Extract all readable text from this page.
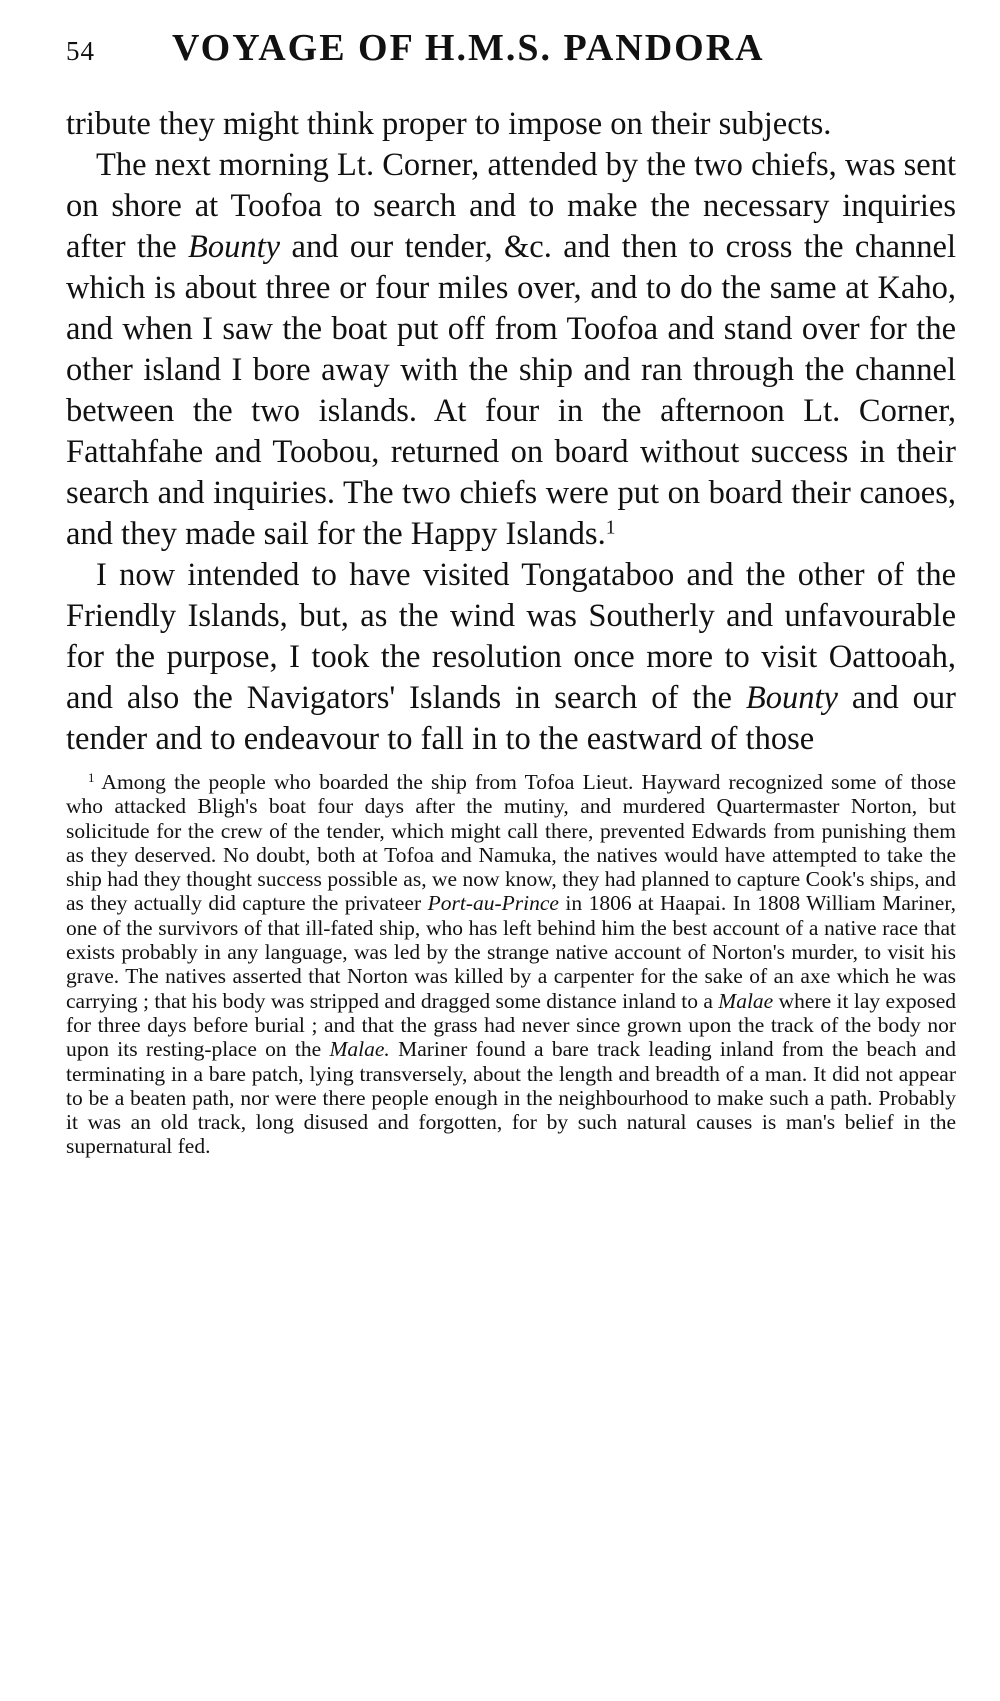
54	VOYAGE OF H.M.S. PANDORA

tribute they might think proper to impose on their subjects.

The next morning Lt. Corner, attended by the two chiefs, was sent on shore at Toofoa to search and to make the necessary inquiries after the Bounty and our tender, &c. and then to cross the channel which is about three or four miles over, and to do the same at Kaho, and when I saw the boat put off from Toofoa and stand over for the other island I bore away with the ship and ran through the channel between the two islands. At four in the afternoon Lt. Corner, Fattahfahe and Toobou, returned on board without success in their search and inquiries. The two chiefs were put on board their canoes, and they made sail for the Happy Islands.$^1$

I now intended to have visited Tongataboo and the other of the Friendly Islands, but, as the wind was Southerly and unfavourable for the purpose, I took the resolution once more to visit Oattooah, and also the Navigators' Islands in search of the Bounty and our tender and to endeavour to fall in to the eastward of those

$^1$ Among the people who boarded the ship from Tofoa Lieut. Hayward recognized some of those who attacked Bligh's boat four days after the mutiny, and murdered Quartermaster Norton, but solicitude for the crew of the tender, which might call there, prevented Edwards from punishing them as they deserved. No doubt, both at Tofoa and Namuka, the natives would have attempted to take the ship had they thought success possible as, we now know, they had planned to capture Cook's ships, and as they actually did capture the privateer Port-au-Prince in 1806 at Haapai. In 1808 William Mariner, one of the survivors of that ill-fated ship, who has left behind him the best account of a native race that exists probably in any language, was led by the strange native account of Norton's murder, to visit his grave. The natives asserted that Norton was killed by a carpenter for the sake of an axe which he was carrying ; that his body was stripped and dragged some distance inland to a Malae where it lay exposed for three days before burial ; and that the grass had never since grown upon the track of the body nor upon its resting-place on the Malae. Mariner found a bare track leading inland from the beach and terminating in a bare patch, lying transversely, about the length and breadth of a man. It did not appear to be a beaten path, nor were there people enough in the neighbourhood to make such a path. Probably it was an old track, long disused and forgotten, for by such natural causes is man's belief in the supernatural fed.
